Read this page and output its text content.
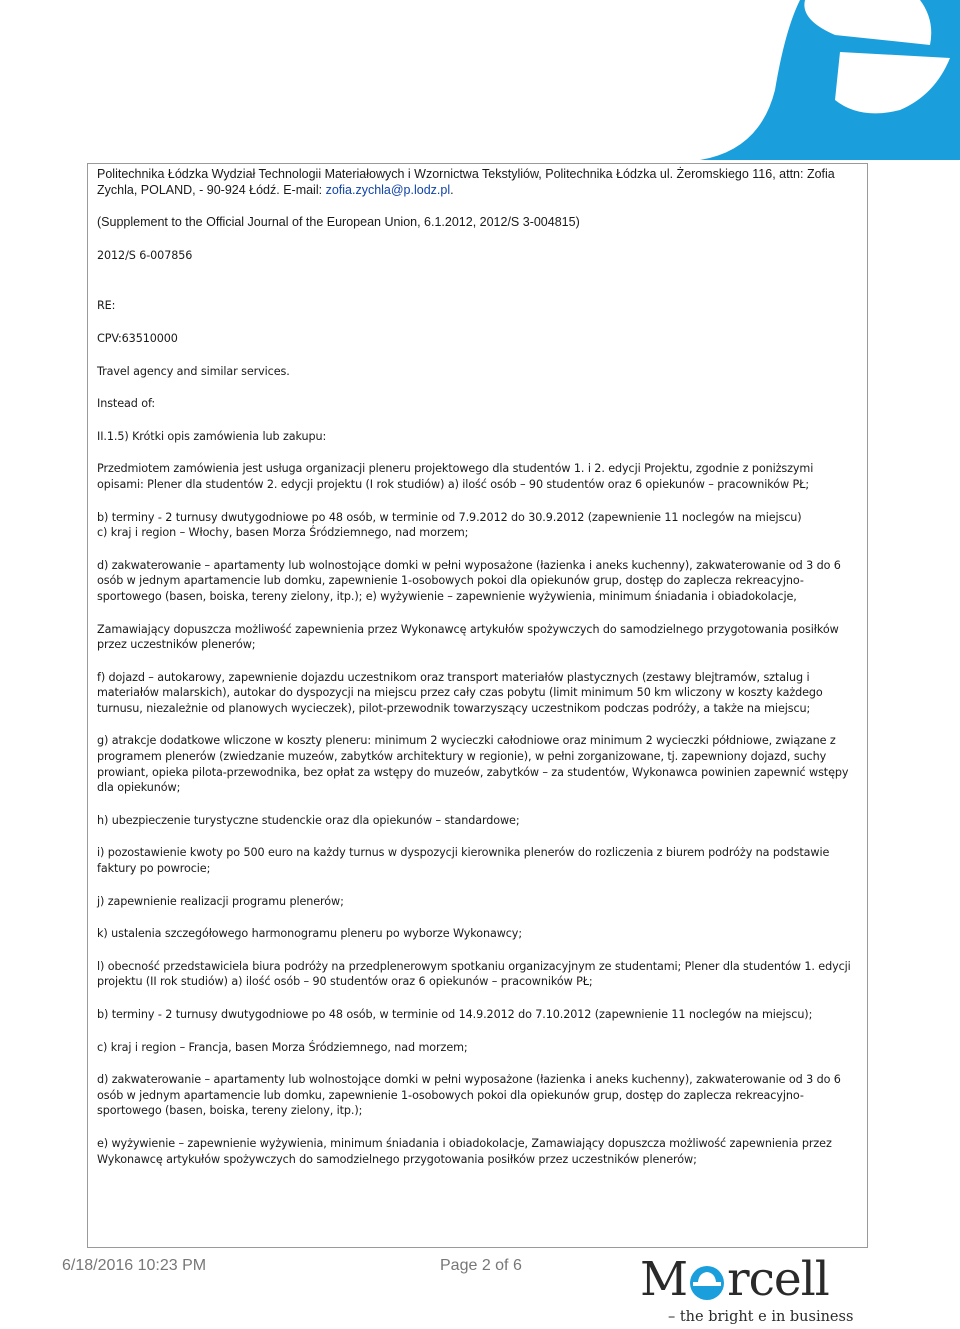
Politechnika Łódzka Wydział Technologii Materiałowych i Wzornictwa Tekstyliów, Politechnika Łódzka ul. Żeromskiego 116, attn: Zofia Zychla, POLAND, - 90-924 Łódź. E-mail: zofia.zychla@p.lodz.pl.
(Supplement to the Official Journal of the European Union, 6.1.2012, 2012/S 3-004815)
2012/S 6-007856
RE:
CPV:63510000
Travel agency and similar services.
Instead of:
II.1.5) Krótki opis zamówienia lub zakupu:
Przedmiotem zamówienia jest usługa organizacji pleneru projektowego dla studentów 1. i 2. edycji Projektu, zgodnie z poniższymi opisami: Plener dla studentów 2. edycji projektu (I rok studiów) a) ilość osób – 90 studentów oraz 6 opiekunów – pracowników PŁ;
b) terminy - 2 turnusy dwutygodniowe po 48 osób, w terminie od 7.9.2012 do 30.9.2012 (zapewnienie 11 noclegów na miejscu)
c) kraj i region – Włochy, basen Morza Śródziemnego, nad morzem;
d) zakwaterowanie – apartamenty lub wolnostojące domki w pełni wyposażone (łazienka i aneks kuchenny), zakwaterowanie od 3 do 6 osób w jednym apartamencie lub domku, zapewnienie 1-osobowych pokoi dla opiekunów grup, dostęp do zaplecza rekreacyjno-sportowego (basen, boiska, tereny zielony, itp.); e) wyżywienie – zapewnienie wyżywienia, minimum śniadania i obiadokolacje,
Zamawiający dopuszcza możliwość zapewnienia przez Wykonawcę artykułów spożywczych do samodzielnego przygotowania posiłków przez uczestników plenerów;
f) dojazd – autokarowy, zapewnienie dojazdu uczestnikom oraz transport materiałów plastycznych (zestawy blejtramów, sztalug i materiałów malarskich), autokar do dyspozycji na miejscu przez cały czas pobytu (limit minimum 50 km wliczony w koszty każdego turnusu, niezależnie od planowych wycieczek), pilot-przewodnik towarzyszący uczestnikom podczas podróży, a także na miejscu;
g) atrakcje dodatkowe wliczone w koszty pleneru: minimum 2 wycieczki całodniowe oraz minimum 2 wycieczki półdniowe, związane z programem plenerów (zwiedzanie muzeów, zabytków architektury w regionie), w pełni zorganizowane, tj. zapewniony dojazd, suchy prowiant, opieka pilota-przewodnika, bez opłat za wstępy do muzeów, zabytków – za studentów, Wykonawca powinien zapewnić wstępy dla opiekunów;
h) ubezpieczenie turystyczne studenckie oraz dla opiekunów – standardowe;
i) pozostawienie kwoty po 500 euro na każdy turnus w dyspozycji kierownika plenerów do rozliczenia z biurem podróży na podstawie faktury po powrocie;
j) zapewnienie realizacji programu plenerów;
k) ustalenia szczegółowego harmonogramu pleneru po wyborze Wykonawcy;
l) obecność przedstawiciela biura podróży na przedplenerowym spotkaniu organizacyjnym ze studentami; Plener dla studentów 1. edycji projektu (II rok studiów) a) ilość osób – 90 studentów oraz 6 opiekunów – pracowników PŁ;
b) terminy - 2 turnusy dwutygodniowe po 48 osób, w terminie od 14.9.2012 do 7.10.2012 (zapewnienie 11 noclegów na miejscu);
c) kraj i region – Francja, basen Morza Śródziemnego, nad morzem;
d) zakwaterowanie – apartamenty lub wolnostojące domki w pełni wyposażone (łazienka i aneks kuchenny), zakwaterowanie od 3 do 6 osób w jednym apartamencie lub domku, zapewnienie 1-osobowych pokoi dla opiekunów grup, dostęp do zaplecza rekreacyjno-sportowego (basen, boiska, tereny zielony, itp.);
e) wyżywienie – zapewnienie wyżywienia, minimum śniadania i obiadokolacje, Zamawiający dopuszcza możliwość zapewnienia przez Wykonawcę artykułów spożywczych do samodzielnego przygotowania posiłków przez uczestników plenerów;
6/18/2016 10:23 PM	Page 2 of 6	M rcell
– the bright e in business
